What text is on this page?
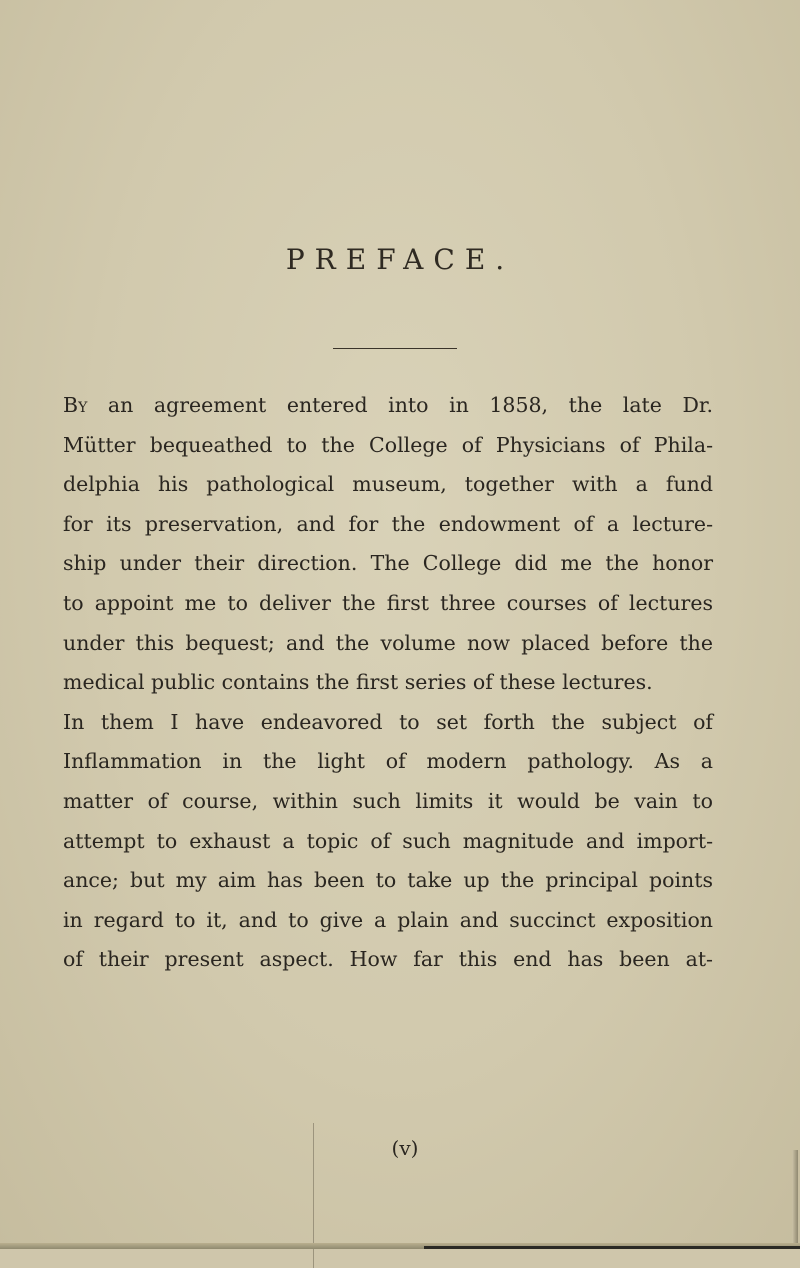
PREFACE.
By an agreement entered into in 1858, the late Dr.
Mütter bequeathed to the College of Physicians of Phila-
delphia his pathological museum, together with a fund
for its preservation, and for the endowment of a lecture-
ship under their direction. The College did me the honor
to appoint me to deliver the first three courses of lectures
under this bequest; and the volume now placed before the
medical public contains the first series of these lectures.
In them I have endeavored to set forth the subject of
Inflammation in the light of modern pathology. As a
matter of course, within such limits it would be vain to
attempt to exhaust a topic of such magnitude and import-
ance; but my aim has been to take up the principal points
in regard to it, and to give a plain and succinct exposition
of their present aspect. How far this end has been at-
(v)
